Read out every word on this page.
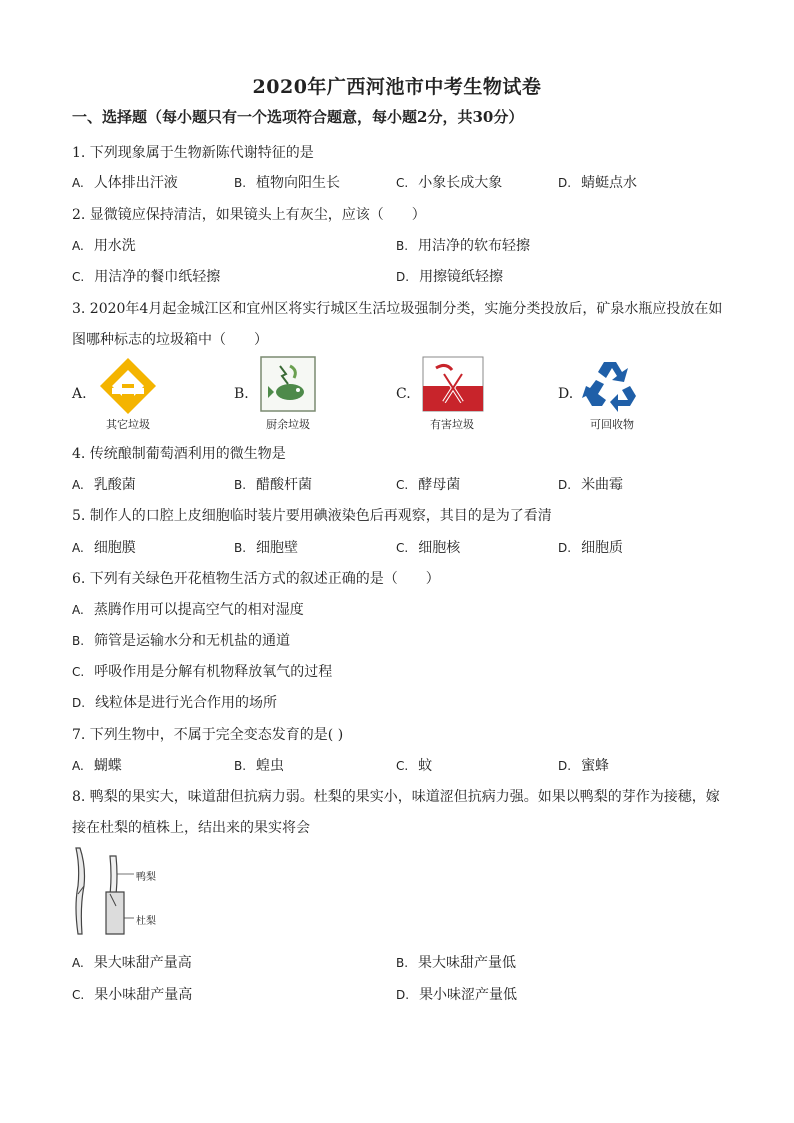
2020年广西河池市中考生物试卷
一、选择题（每小题只有一个选项符合题意，每小题2分，共30分）
1. 下列现象属于生物新陈代谢特征的是
A. 人体排出汗液	B. 植物向阳生长	C. 小象长成大象	D. 蜻蜓点水
2. 显微镜应保持清洁，如果镜头上有灰尘，应该（　　）
A. 用水洗	B. 用洁净的软布轻擦
C. 用洁净的餐巾纸轻擦	D. 用擦镜纸轻擦
3. 2020年4月起金城江区和宜州区将实行城区生活垃圾强制分类，实施分类投放后，矿泉水瓶应投放在如
图哪种标志的垃圾箱中（　　）
A.
其它垃圾
B.
厨余垃圾
C.
有害垃圾
D.
可回收物
4. 传统酿制葡萄酒利用的微生物是
A. 乳酸菌	B. 醋酸杆菌	C. 酵母菌	D. 米曲霉
5. 制作人的口腔上皮细胞临时装片要用碘液染色后再观察，其目的是为了看清
A. 细胞膜	B. 细胞壁	C. 细胞核	D. 细胞质
6. 下列有关绿色开花植物生活方式的叙述正确的是（　　）
A. 蒸腾作用可以提高空气的相对湿度
B. 筛管是运输水分和无机盐的通道
C. 呼吸作用是分解有机物释放氧气的过程
D. 线粒体是进行光合作用的场所
7. 下列生物中，不属于完全变态发育的是( )
A. 蝴蝶	B. 蝗虫	C. 蚊	D. 蜜蜂
8. 鸭梨的果实大，味道甜但抗病力弱。杜梨的果实小，味道涩但抗病力强。如果以鸭梨的芽作为接穗，嫁
接在杜梨的植株上，结出来的果实将会
鸭梨
杜梨
A. 果大味甜产量高	B. 果大味甜产量低
C. 果小味甜产量高	D. 果小味涩产量低
